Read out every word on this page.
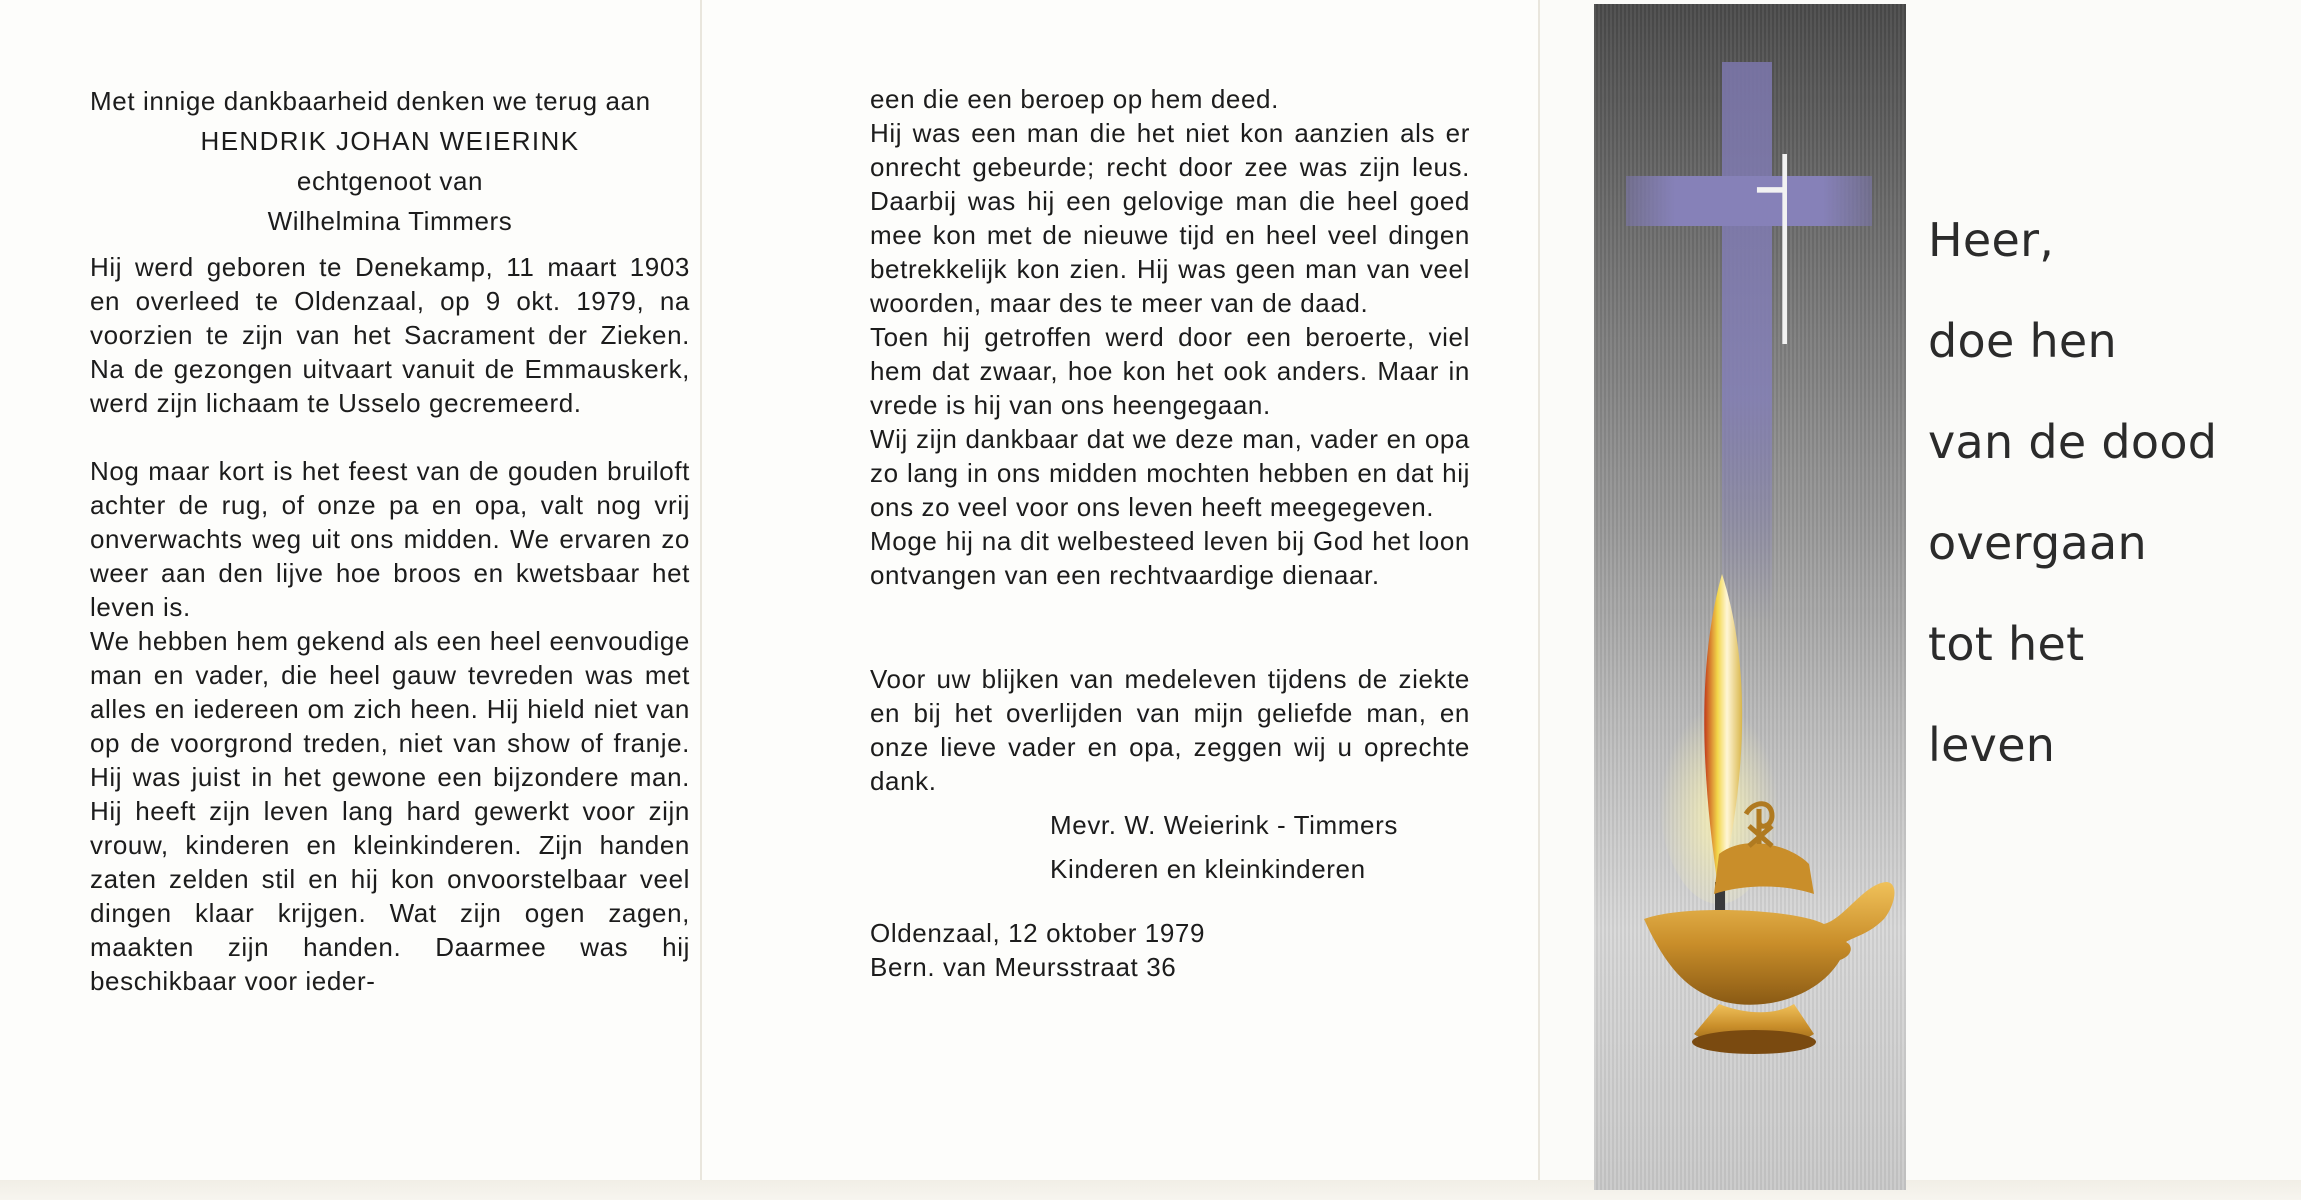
Met innige dankbaarheid denken we terug aan

HENDRIK JOHAN WEIERINK

echtgenoot van

Wilhelmina Timmers

Hij werd geboren te Denekamp, 11 maart 1903 en overleed te Oldenzaal, op 9 okt. 1979, na voorzien te zijn van het Sacrament der Zieken. Na de gezongen uitvaart vanuit de Emmauskerk, werd zijn lichaam te Usselo gecremeerd.

Nog maar kort is het feest van de gouden bruiloft achter de rug, of onze pa en opa, valt nog vrij onverwachts weg uit ons midden. We ervaren zo weer aan den lijve hoe broos en kwetsbaar het leven is.

We hebben hem gekend als een heel eenvoudige man en vader, die heel gauw tevreden was met alles en iedereen om zich heen. Hij hield niet van op de voorgrond treden, niet van show of franje. Hij was juist in het gewone een bijzondere man. Hij heeft zijn leven lang hard gewerkt voor zijn vrouw, kinderen en kleinkinderen. Zijn handen zaten zelden stil en hij kon onvoorstelbaar veel dingen klaar krijgen. Wat zijn ogen zagen, maakten zijn handen. Daarmee was hij beschikbaar voor ieder-

een die een beroep op hem deed.

Hij was een man die het niet kon aanzien als er onrecht gebeurde; recht door zee was zijn leus. Daarbij was hij een gelovige man die heel goed mee kon met de nieuwe tijd en heel veel dingen betrekkelijk kon zien. Hij was geen man van veel woorden, maar des te meer van de daad.

Toen hij getroffen werd door een beroerte, viel hem dat zwaar, hoe kon het ook anders. Maar in vrede is hij van ons heengegaan.

Wij zijn dankbaar dat we deze man, vader en opa zo lang in ons midden mochten hebben en dat hij ons zo veel voor ons leven heeft meegegeven.

Moge hij na dit welbesteed leven bij God het loon ontvangen van een rechtvaardige dienaar.

Voor uw blijken van medeleven tijdens de ziekte en bij het overlijden van mijn geliefde man, en onze lieve vader en opa, zeggen wij u oprechte dank.

Mevr. W. Weierink - Timmers

Kinderen en kleinkinderen

Oldenzaal, 12 oktober 1979

Bern. van Meursstraat 36

Heer,
doe hen
van de dood
overgaan
tot het
leven
